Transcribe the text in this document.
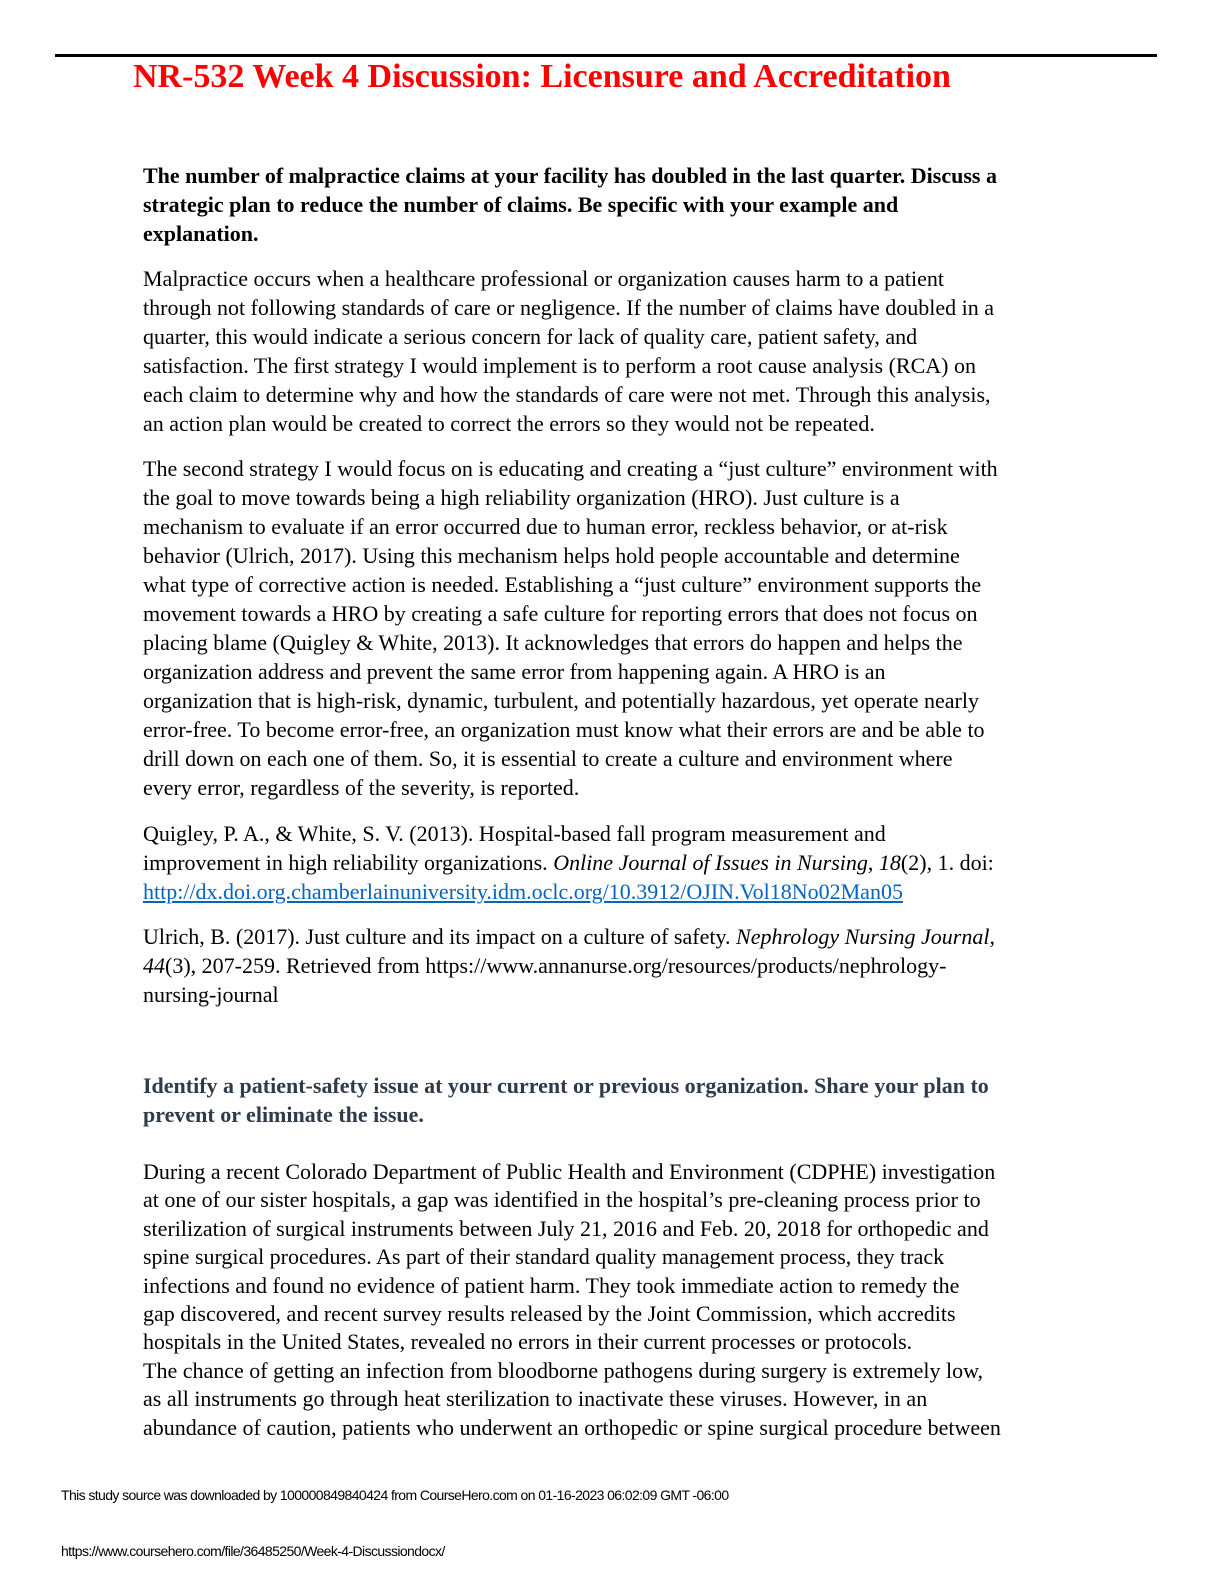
NR-532 Week 4 Discussion: Licensure and Accreditation
The number of malpractice claims at your facility has doubled in the last quarter. Discuss a
strategic plan to reduce the number of claims. Be specific with your example and
explanation.
Malpractice occurs when a healthcare professional or organization causes harm to a patient
through not following standards of care or negligence. If the number of claims have doubled in a
quarter, this would indicate a serious concern for lack of quality care, patient safety, and
satisfaction. The first strategy I would implement is to perform a root cause analysis (RCA) on
each claim to determine why and how the standards of care were not met. Through this analysis,
an action plan would be created to correct the errors so they would not be repeated.
The second strategy I would focus on is educating and creating a “just culture” environment with
the goal to move towards being a high reliability organization (HRO). Just culture is a
mechanism to evaluate if an error occurred due to human error, reckless behavior, or at-risk
behavior (Ulrich, 2017). Using this mechanism helps hold people accountable and determine
what type of corrective action is needed. Establishing a “just culture” environment supports the
movement towards a HRO by creating a safe culture for reporting errors that does not focus on
placing blame (Quigley & White, 2013). It acknowledges that errors do happen and helps the
organization address and prevent the same error from happening again. A HRO is an
organization that is high-risk, dynamic, turbulent, and potentially hazardous, yet operate nearly
error-free. To become error-free, an organization must know what their errors are and be able to
drill down on each one of them. So, it is essential to create a culture and environment where
every error, regardless of the severity, is reported.
Quigley, P. A., & White, S. V. (2013). Hospital-based fall program measurement and
improvement in high reliability organizations. Online Journal of Issues in Nursing, 18(2), 1. doi:
http://dx.doi.org.chamberlainuniversity.idm.oclc.org/10.3912/OJIN.Vol18No02Man05
Ulrich, B. (2017). Just culture and its impact on a culture of safety. Nephrology Nursing Journal,
44(3), 207-259. Retrieved from https://www.annanurse.org/resources/products/nephrology-
nursing-journal
Identify a patient-safety issue at your current or previous organization. Share your plan to
prevent or eliminate the issue.
During a recent Colorado Department of Public Health and Environment (CDPHE) investigation
at one of our sister hospitals, a gap was identified in the hospital’s pre-cleaning process prior to
sterilization of surgical instruments between July 21, 2016 and Feb. 20, 2018 for orthopedic and
spine surgical procedures. As part of their standard quality management process, they track
infections and found no evidence of patient harm. They took immediate action to remedy the
gap discovered, and recent survey results released by the Joint Commission, which accredits
hospitals in the United States, revealed no errors in their current processes or protocols.
The chance of getting an infection from bloodborne pathogens during surgery is extremely low,
as all instruments go through heat sterilization to inactivate these viruses. However, in an
abundance of caution, patients who underwent an orthopedic or spine surgical procedure between
This study source was downloaded by 100000849840424 from CourseHero.com on 01-16-2023 06:02:09 GMT -06:00
https://www.coursehero.com/file/36485250/Week-4-Discussiondocx/
